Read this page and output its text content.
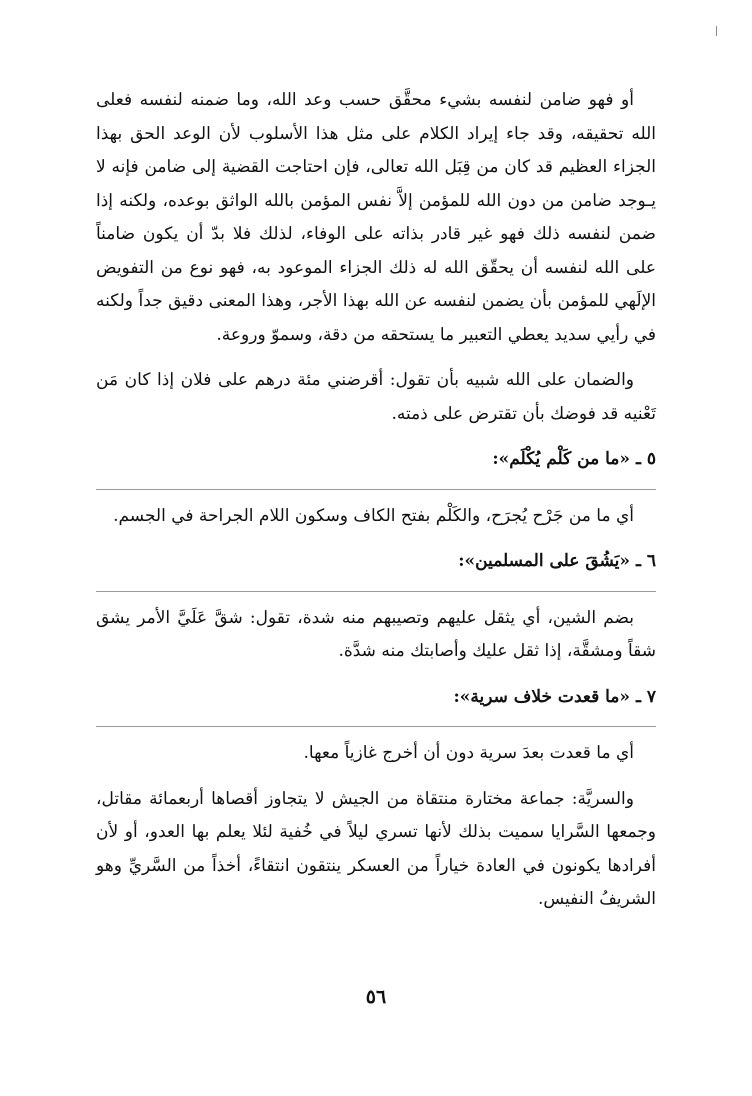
أو فهو ضامن لنفسه بشيء محقَّق حسب وعد الله، وما ضمنه لنفسه فعلى الله تحقيقه، وقد جاء إيراد الكلام على مثل هذا الأسلوب لأن الوعد الحق بهذا الجزاء العظيم قد كان من قِبَل الله تعالى، فإن احتاجت القضية إلى ضامن فإنه لا يـوجد ضامن من دون الله للمؤمن إلاَّ نفس المؤمن بالله الواثق بوعده، ولكنه إذا ضمن لنفسه ذلك فهو غير قادر بذاته على الوفاء، لذلك فلا بدّ أن يكون ضامناً على الله لنفسه أن يحقّق الله له ذلك الجزاء الموعود به، فهو نوع من التفويض الإلَهي للمؤمن بأن يضمن لنفسه عن الله بهذا الأجر، وهذا المعنى دقيق جداً ولكنه في رأيي سديد يعطي التعبير ما يستحقه من دقة، وسموّ وروعة.

والضمان على الله شبيه بأن تقول: أقرضني مئة درهم على فلان إذا كان مَن تَعْنيه قد فوضك بأن تقترض على ذمته.

٥ ـ «ما من كَلْم يُكْلَم»:

أي ما من جَرْح يُجرَح، والكَلْم بفتح الكاف وسكون اللام الجراحة في الجسم.

٦ ـ «يَشُقَ على المسلمين»:

بضم الشين، أي يثقل عليهم وتصيبهم منه شدة، تقول: شقَّ عَلَيَّ الأمر يشق شقاً ومشقَّة، إذا ثقل عليك وأصابتك منه شدَّة.

٧ ـ «ما قعدت خلاف سرية»:

أي ما قعدت بعدَ سرية دون أن أخرج غازياً معها.

والسريَّة: جماعة مختارة منتقاة من الجيش لا يتجاوز أقصاها أربعمائة مقاتل، وجمعها السَّرايا سميت بذلك لأنها تسري ليلاً في خُفية لئلا يعلم بها العدو، أو لأن أفرادها يكونون في العادة خياراً من العسكر ينتقون انتقاءً، أخذاً من السَّريِّ وهو الشريفُ النفيس.

٥٦
